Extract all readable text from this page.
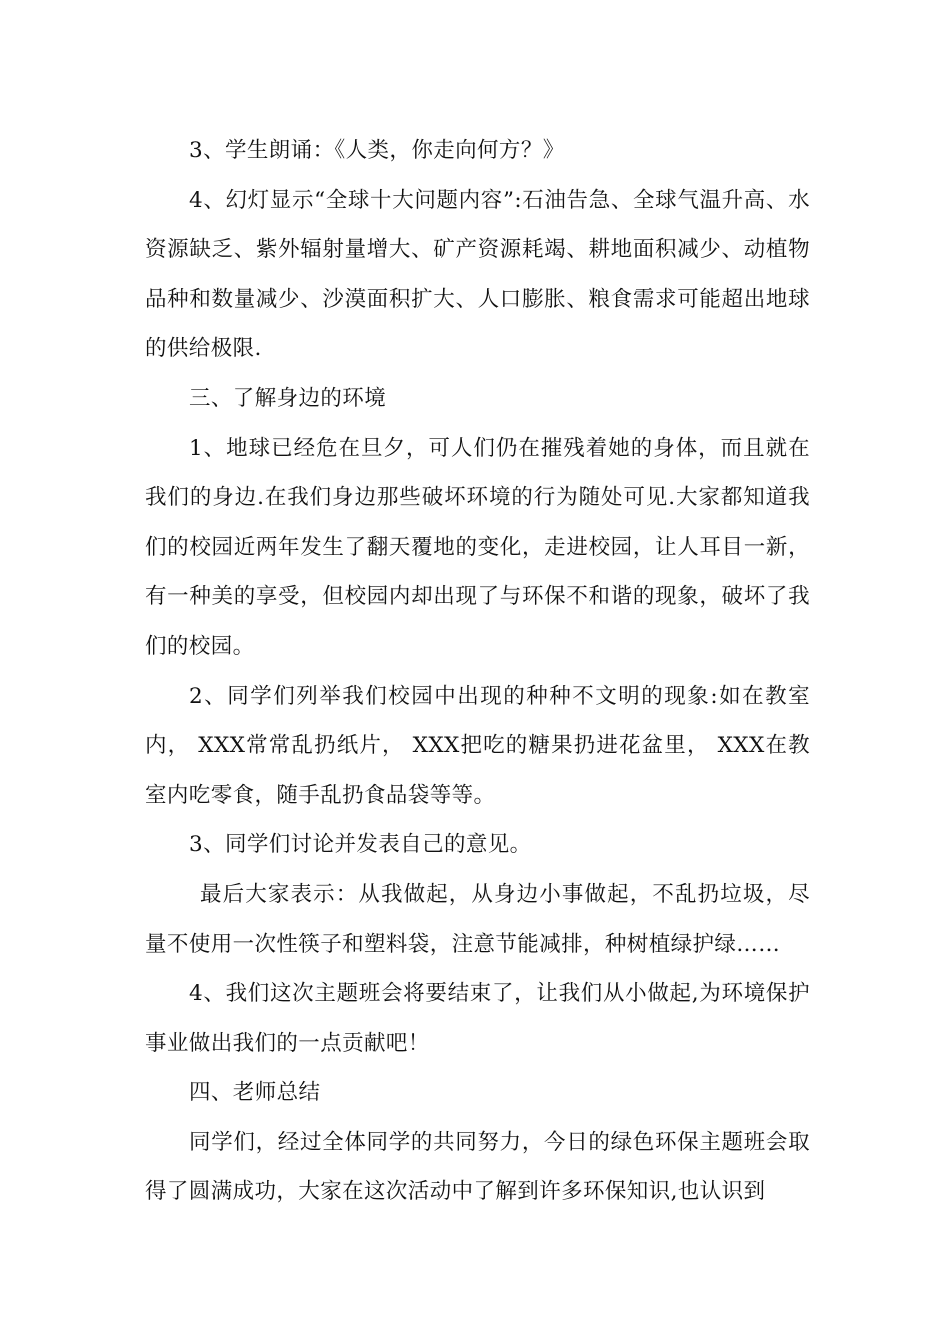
3、学生朗诵：《人类，你走向何方？》

4、幻灯显示“全球十大问题内容”:石油告急、全球气温升高、水资源缺乏、紫外辐射量增大、矿产资源耗竭、耕地面积减少、动植物品种和数量减少、沙漠面积扩大、人口膨胀、粮食需求可能超出地球的供给极限.

三、了解身边的环境

1、地球已经危在旦夕，可人们仍在摧残着她的身体，而且就在我们的身边.在我们身边那些破坏环境的行为随处可见.大家都知道我们的校园近两年发生了翻天覆地的变化，走进校园，让人耳目一新，有一种美的享受，但校园内却出现了与环保不和谐的现象，破坏了我们的校园。

2、同学们列举我们校园中出现的种种不文明的现象:如在教室内， XXX常常乱扔纸片， XXX把吃的糖果扔进花盆里， XXX在教室内吃零食，随手乱扔食品袋等等。

3、同学们讨论并发表自己的意见。

最后大家表示：从我做起，从身边小事做起，不乱扔垃圾，尽量不使用一次性筷子和塑料袋，注意节能减排，种树植绿护绿……

4、我们这次主题班会将要结束了，让我们从小做起,为环境保护事业做出我们的一点贡献吧！

四、老师总结

同学们，经过全体同学的共同努力，今日的绿色环保主题班会取得了圆满成功，大家在这次活动中了解到许多环保知识,也认识到
